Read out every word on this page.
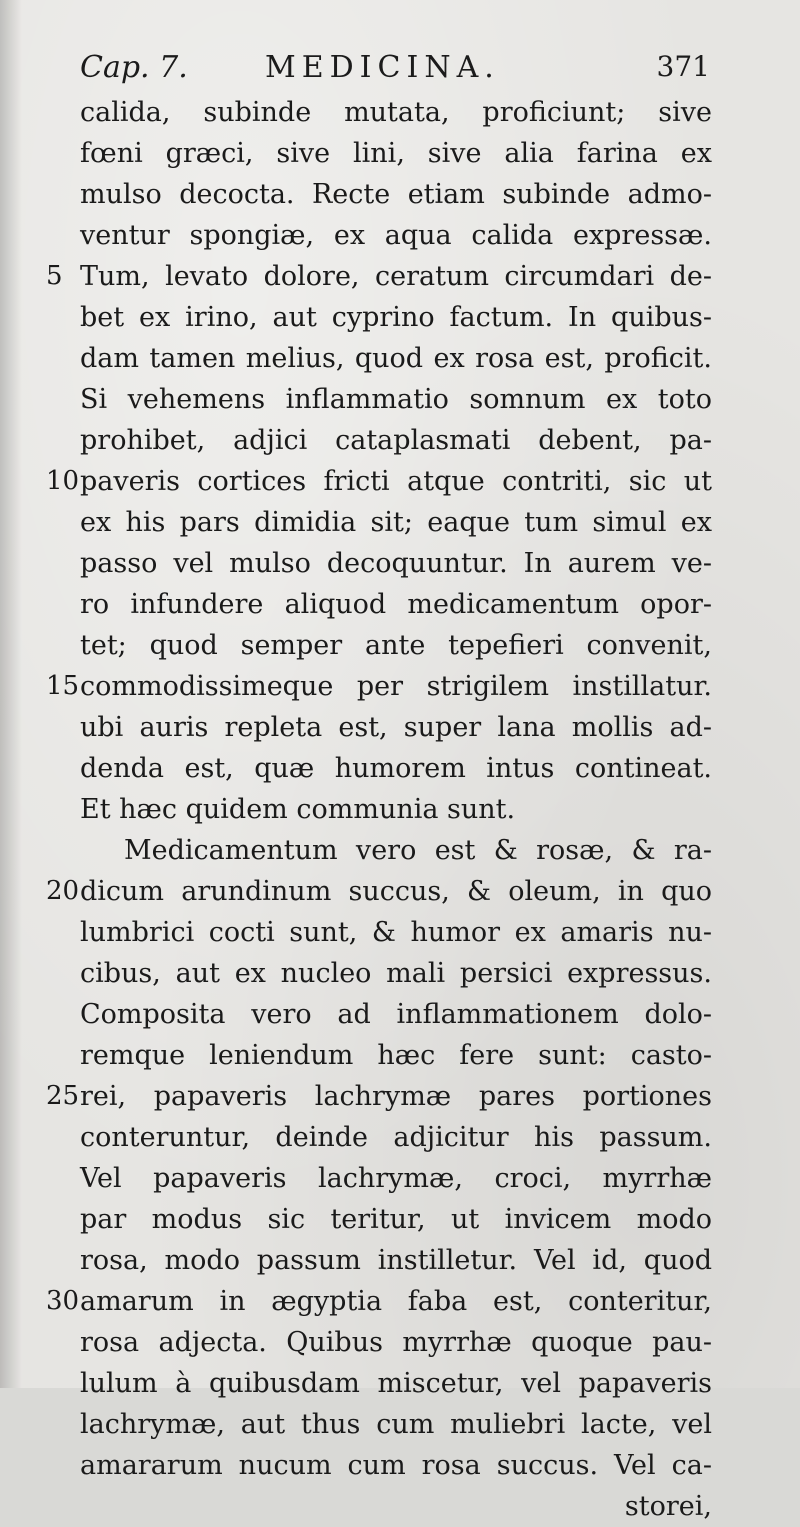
Cap. 7.	MEDICINA.	371
calida, subinde mutata, proficiunt; sive
fœni græci, sive lini, sive alia farina ex
mulso decocta. Recte etiam subinde admo-
ventur spongiæ, ex aqua calida expressæ.
5 Tum, levato dolore, ceratum circumdari de-
bet ex irino, aut cyprino factum. In quibus-
dam tamen melius, quod ex rosa est, proficit.
Si vehemens inflammatio somnum ex toto
prohibet, adjici cataplasmati debent, pa-
10 paveris cortices fricti atque contriti, sic ut
ex his pars dimidia sit; eaque tum simul ex
passo vel mulso decoquuntur. In aurem ve-
ro infundere aliquod medicamentum opor-
tet; quod semper ante tepefieri convenit,
15 commodissimeque per strigilem instillatur.
ubi auris repleta est, super lana mollis ad-
denda est, quæ humorem intus contineat.
Et hæc quidem communia sunt.
Medicamentum vero est & rosæ, & ra-
20 dicum arundinum succus, & oleum, in quo
lumbrici cocti sunt, & humor ex amaris nu-
cibus, aut ex nucleo mali persici expressus.
Composita vero ad inflammationem dolo-
remque leniendum hæc fere sunt: casto-
25 rei, papaveris lachrymæ pares portiones
conteruntur, deinde adjicitur his passum.
Vel papaveris lachrymæ, croci, myrrhæ
par modus sic teritur, ut invicem modo
rosa, modo passum instilletur. Vel id, quod
30 amarum in ægyptia faba est, conteritur,
rosa adjecta. Quibus myrrhæ quoque pau-
lulum à quibusdam miscetur, vel papaveris
lachrymæ, aut thus cum muliebri lacte, vel
amararum nucum cum rosa succus. Vel ca-
storei,
